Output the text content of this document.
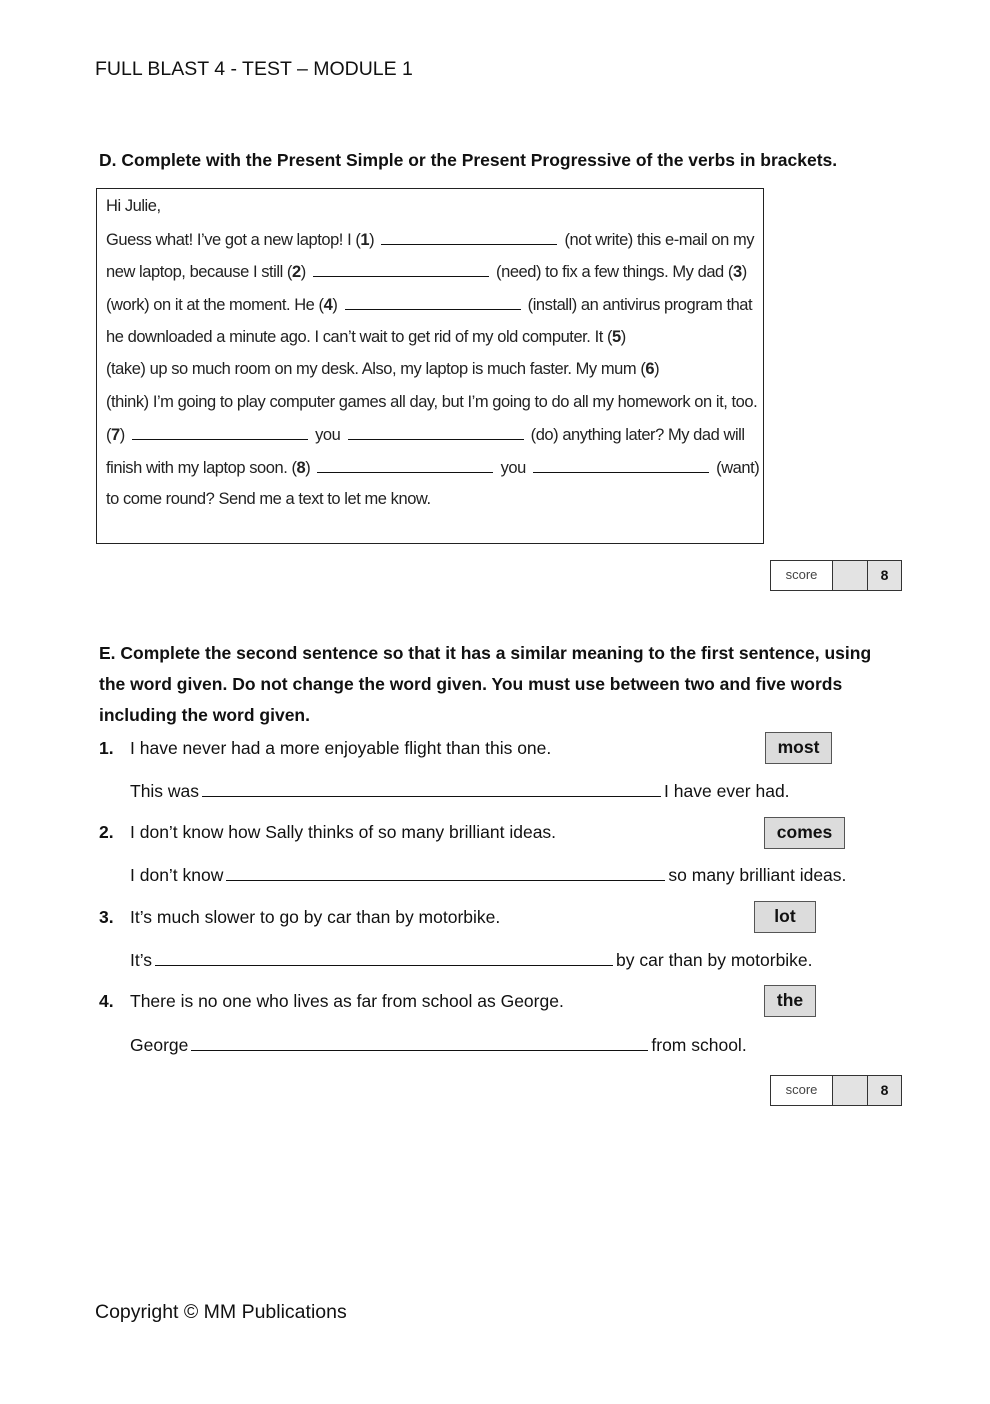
FULL BLAST 4 - TEST – MODULE 1
D. Complete with the Present Simple or the Present Progressive of the verbs in brackets.
Hi Julie,
Guess what! I’ve got a new laptop! I (1)	(not write) this e-mail on my
new laptop, because I still (2)	(need) to fix a few things. My dad (3)
(work) on it at the moment. He (4)	(install) an antivirus program that
he downloaded a minute ago. I can’t wait to get rid of my old computer. It (5)
(take) up so much room on my desk. Also, my laptop is much faster. My mum (6)
(think) I’m going to play computer games all day, but I’m going to do all my homework on it, too.
(7)	you	(do) anything later? My dad will
finish with my laptop soon. (8)	you	(want)
to come round? Send me a text to let me know.
score	8
E. Complete the second sentence so that it has a similar meaning to the first sentence, using the word given. Do not change the word given. You must use between two and five words including the word given.
1. I have never had a more enjoyable flight than this one.	most
This was	I have ever had.
2. I don’t know how Sally thinks of so many brilliant ideas.	comes
I don’t know	so many brilliant ideas.
3. It’s much slower to go by car than by motorbike.	lot
It’s	by car than by motorbike.
4. There is no one who lives as far from school as George.	the
George	from school.
score	8
Copyright © MM Publications
